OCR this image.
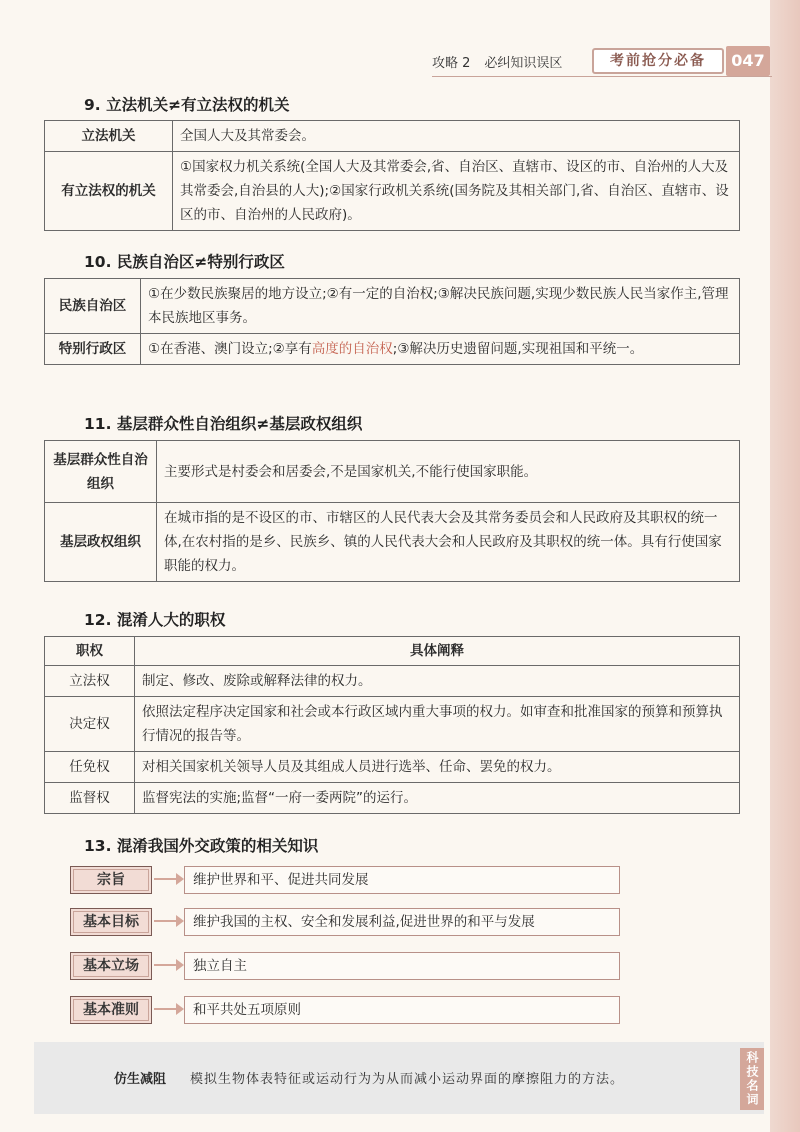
攻略 2 必纠知识误区	考前抢分必备	047
9. 立法机关≠有立法权的机关
立法机关	全国人大及其常委会。
有立法权的机关	①国家权力机关系统(全国人大及其常委会,省、自治区、直辖市、设区的市、自治州的人大及其常委会,自治县的人大);②国家行政机关系统(国务院及其相关部门,省、自治区、直辖市、设区的市、自治州的人民政府)。
10. 民族自治区≠特别行政区
民族自治区	①在少数民族聚居的地方设立;②有一定的自治权;③解决民族问题,实现少数民族人民当家作主,管理本民族地区事务。
特别行政区	①在香港、澳门设立;②享有高度的自治权;③解决历史遗留问题,实现祖国和平统一。
11. 基层群众性自治组织≠基层政权组织
基层群众性自治组织	主要形式是村委会和居委会,不是国家机关,不能行使国家职能。
基层政权组织	在城市指的是不设区的市、市辖区的人民代表大会及其常务委员会和人民政府及其职权的统一体,在农村指的是乡、民族乡、镇的人民代表大会和人民政府及其职权的统一体。具有行使国家职能的权力。
12. 混淆人大的职权
职权	具体阐释
立法权	制定、修改、废除或解释法律的权力。
决定权	依照法定程序决定国家和社会或本行政区域内重大事项的权力。如审查和批准国家的预算和预算执行情况的报告等。
任免权	对相关国家机关领导人员及其组成人员进行选举、任命、罢免的权力。
监督权	监督宪法的实施;监督“一府一委两院”的运行。
13. 混淆我国外交政策的相关知识
宗旨	维护世界和平、促进共同发展
基本目标	维护我国的主权、安全和发展利益,促进世界的和平与发展
基本立场	独立自主
基本准则	和平共处五项原则
仿生减阻 模拟生物体表特征或运动行为为从而减小运动界面的摩擦阻力的方法。	科技名词
